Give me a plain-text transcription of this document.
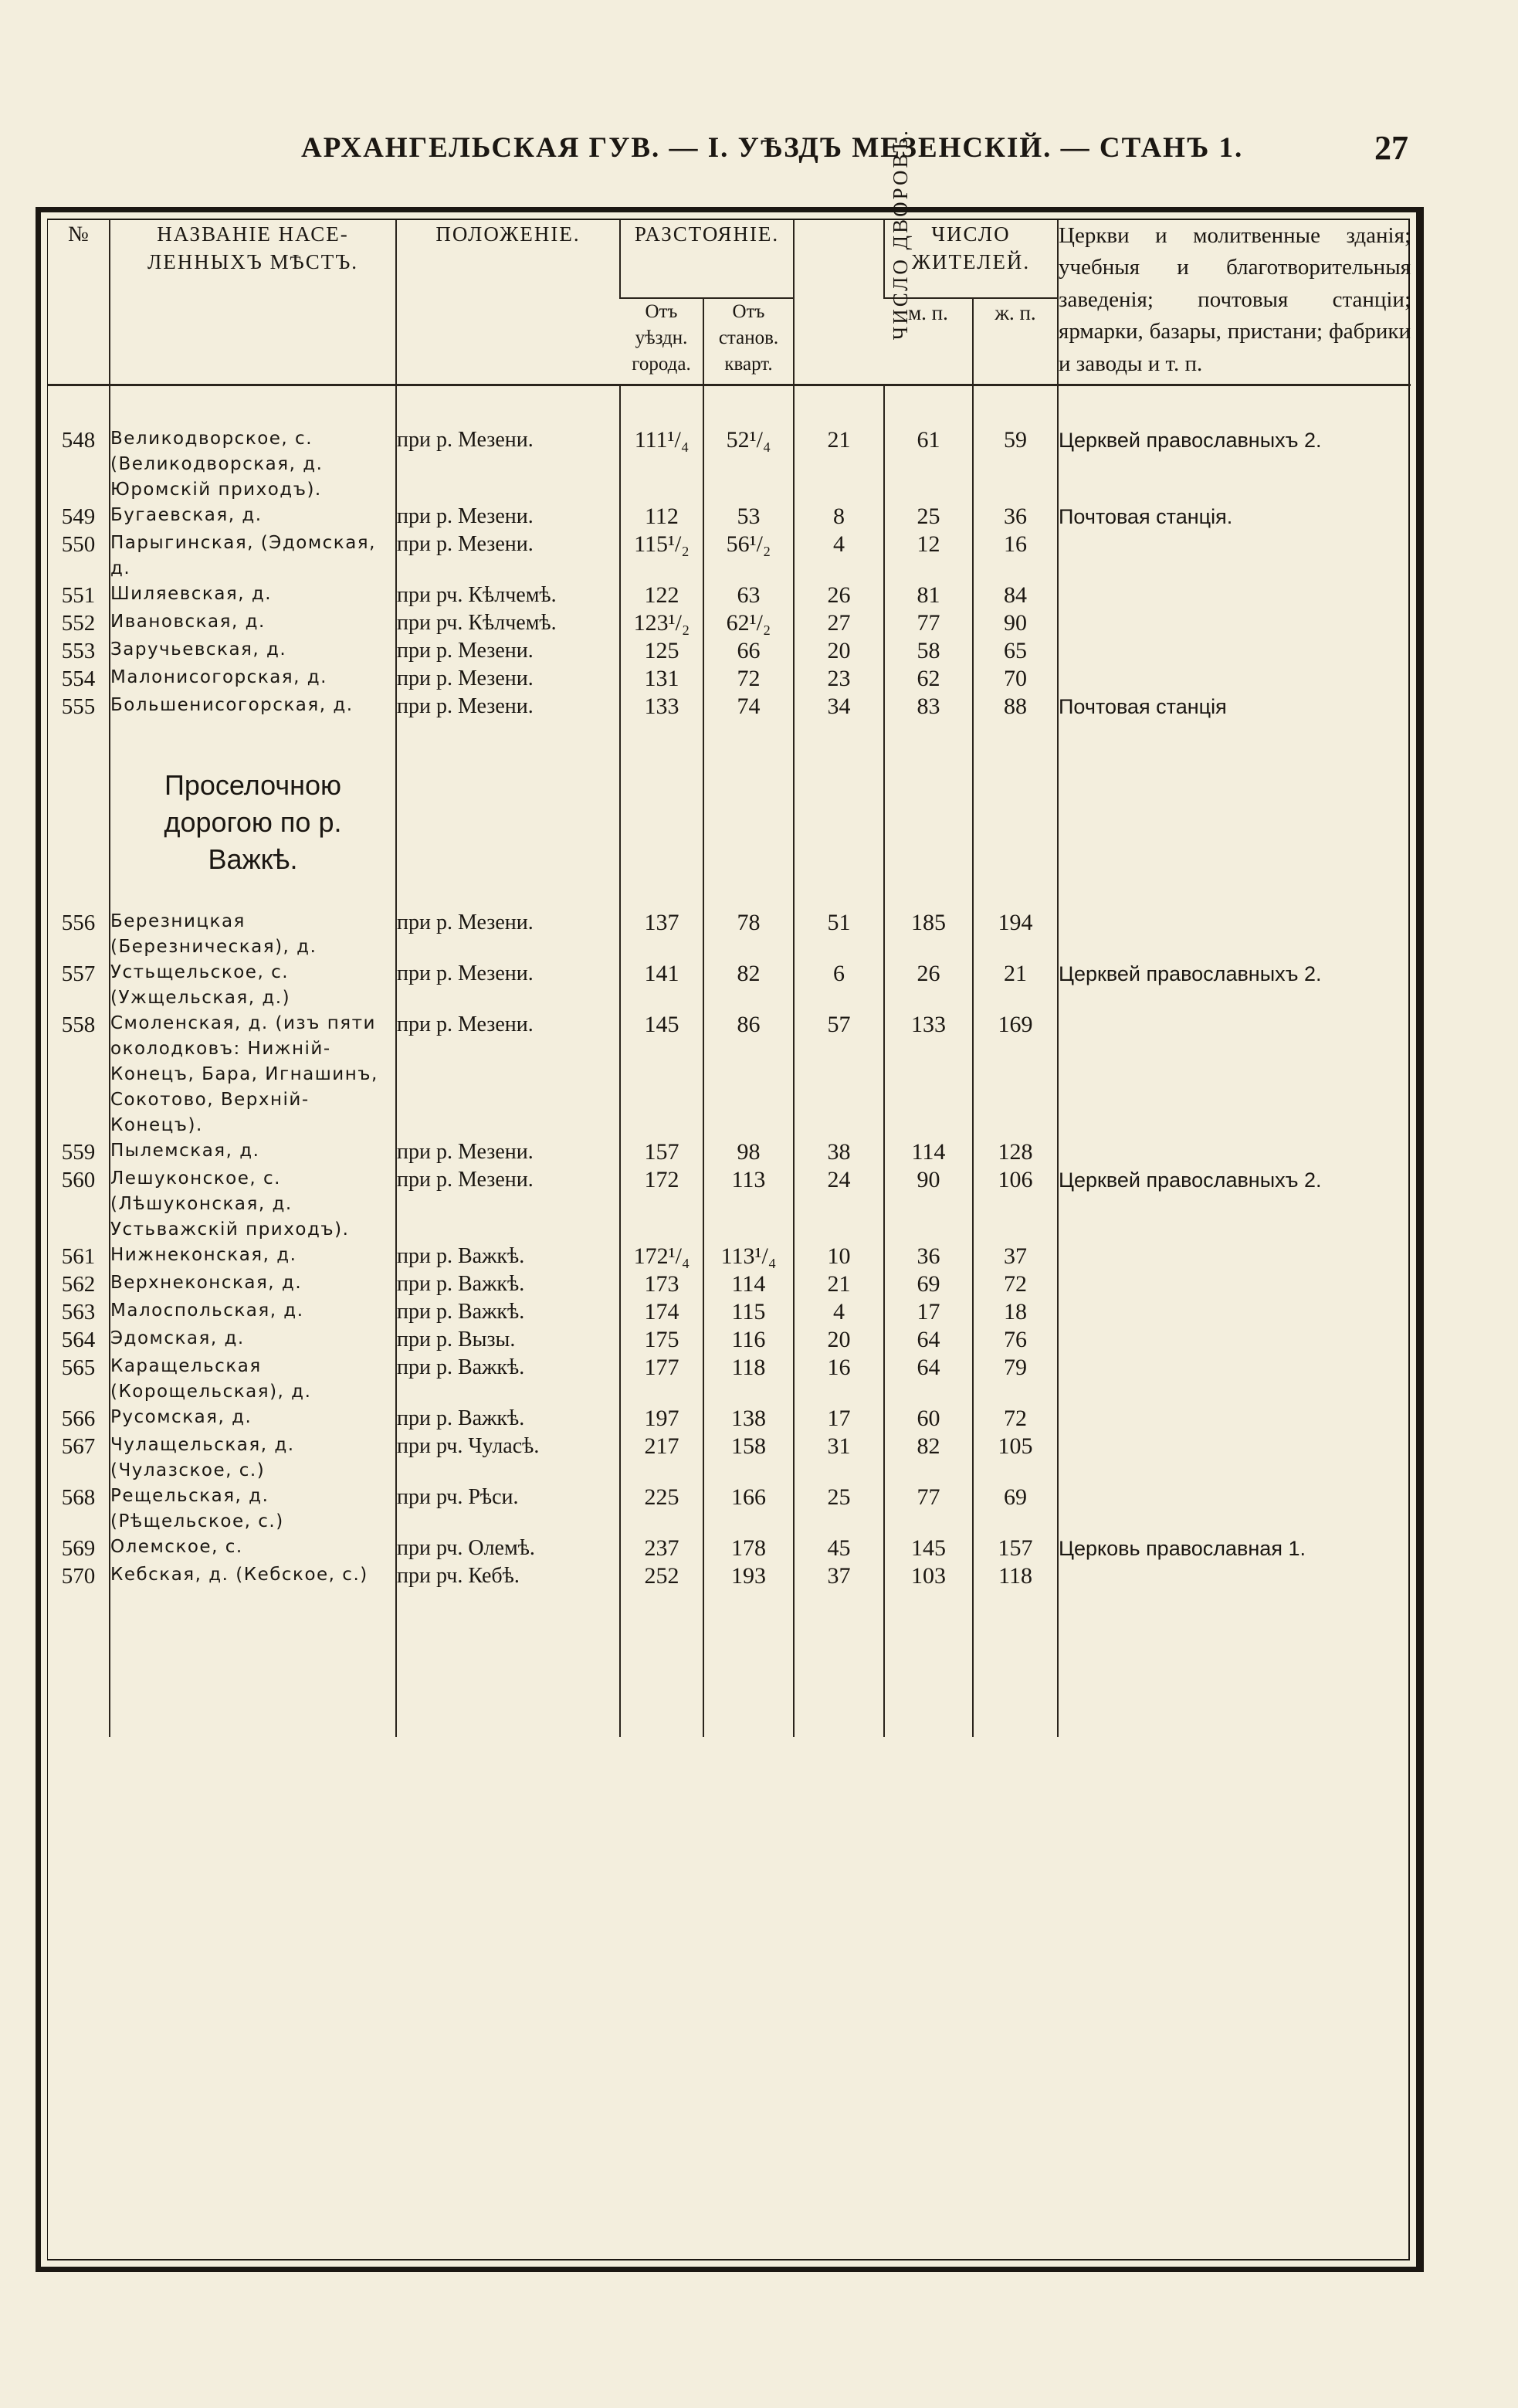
АРХАНГЕЛЬСКАЯ ГУВ. — I. УѢЗДЪ МЕЗЕНСКІЙ. — СТАНЪ 1.	27
№	НАЗВАНІЕ НАСЕ-ЛЕННЫХЪ МѢСТЪ.	ПОЛОЖЕНІЕ.	РАЗСТОЯНІЕ.		ЧИСЛО ДВОРОВЪ.	ЧИСЛО ЖИТЕЛЕЙ.		Церкви и молитвенные зданія; учебныя и благотворительныя заведенія; почтовыя станціи; ярмарки, базары, пристани; фабрики и заводы и т. п.
			Отъ уѣздн. города.	Отъ станов. кварт.				
						м. п.	ж. п.	
548	Великодворское, с. (Великодворская, д. Юромскій приходъ).	при р. Мезени.	111¹/₄	52¹/₄	21	61	59	Церквей православныхъ 2.
549	Бугаевская, д.	при р. Мезени.	112	53	8	25	36	Почтовая станція.
550	Парыгинская, (Эдомская, д.	при р. Мезени.	115¹/₂	56¹/₂	4	12	16	
551	Шиляевская, д.	при рч. Кѣлчемѣ.	122	63	26	81	84	
552	Ивановская, д.	при рч. Кѣлчемѣ.	123¹/₂	62¹/₂	27	77	90	
553	Заручьевская, д.	при р. Мезени.	125	66	20	58	65	
554	Малонисогорская, д.	при р. Мезени.	131	72	23	62	70	
555	Большенисогорская, д.	при р. Мезени.	133	74	34	83	88	Почтовая станція
	Проселочною дорогою по р. Важкѣ.							
556	Березницкая (Березническая), д.	при р. Мезени.	137	78	51	185	194	
557	Устьщельское, с. (Ужщельская, д.)	при р. Мезени.	141	82	6	26	21	Церквей православныхъ 2.
558	Смоленская, д. (изъ пяти околодковъ: Нижній-Конецъ, Бара, Игнашинъ, Сокотово, Верхній-Конецъ).	при р. Мезени.	145	86	57	133	169	
559	Пылемская, д.	при р. Мезени.	157	98	38	114	128	
560	Лешуконское, с. (Лѣшуконская, д. Устьважскій приходъ).	при р. Мезени.	172	113	24	90	106	Церквей православныхъ 2.
561	Нижнеконская, д.	при р. Важкѣ.	172¹/₄	113¹/₄	10	36	37	
562	Верхнеконская, д.	при р. Важкѣ.	173	114	21	69	72	
563	Малоспольская, д.	при р. Важкѣ.	174	115	4	17	18	
564	Эдомская, д.	при р. Вызы.	175	116	20	64	76	
565	Каращельская (Корощельская), д.	при р. Важкѣ.	177	118	16	64	79	
566	Русомская, д.	при р. Важкѣ.	197	138	17	60	72	
567	Чулащельская, д. (Чулазское, с.)	при рч. Чуласѣ.	217	158	31	82	105	
568	Рещельская, д. (Рѣщельское, с.)	при рч. Рѣси.	225	166	25	77	69	
569	Олемское, с.	при рч. Олемѣ.	237	178	45	145	157	Церковь православная 1.
570	Кебская, д. (Кебское, с.)	при рч. Кебѣ.	252	193	37	103	118	
